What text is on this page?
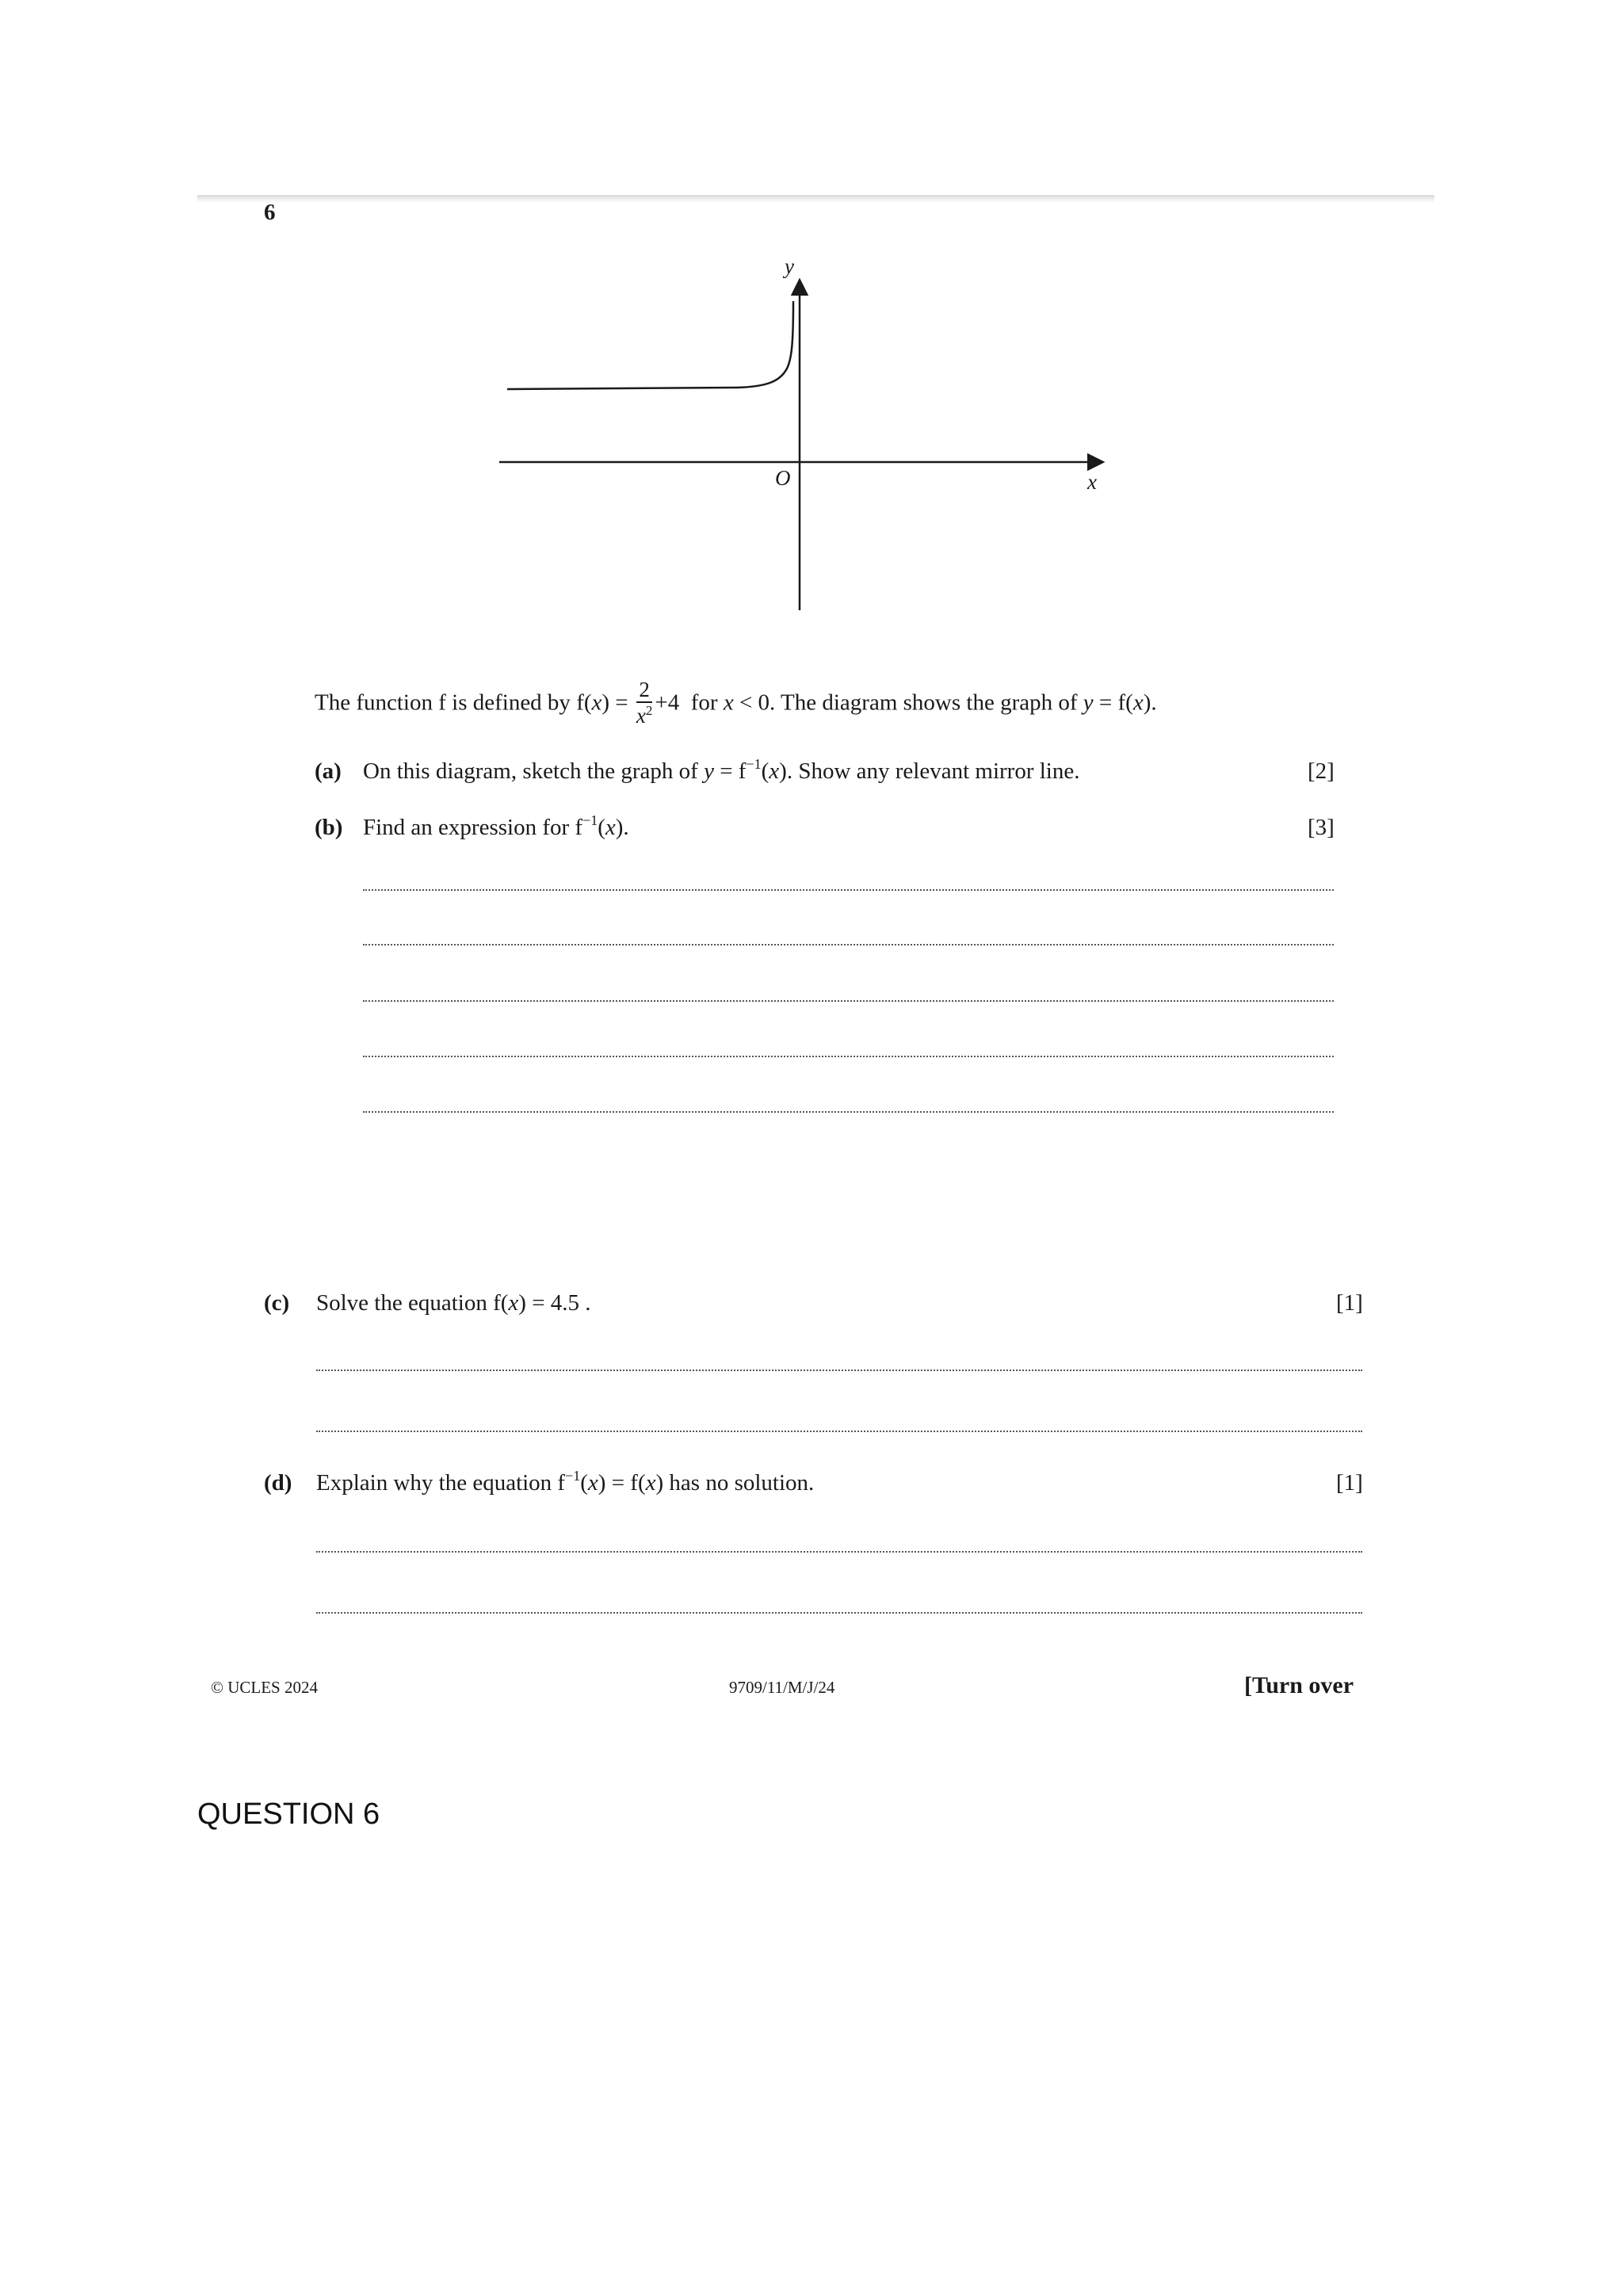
6
y
x
O
The function f is defined by $f(x) = \frac{2}{x^2} +4$ for x < 0. The diagram shows the graph of y = f(x).
(a) On this diagram, sketch the graph of $y = f^{-1}(x)$. Show any relevant mirror line.	[2]
(b) Find an expression for $f^{-1}(x)$.	[3]
(c) Solve the equation f(x) = 4.5 .	[1]
(d) Explain why the equation $f^{-1}(x) = f(x)$ has no solution.	[1]
© UCLES 2024	9709/11/M/J/24	[Turn over
QUESTION 6
